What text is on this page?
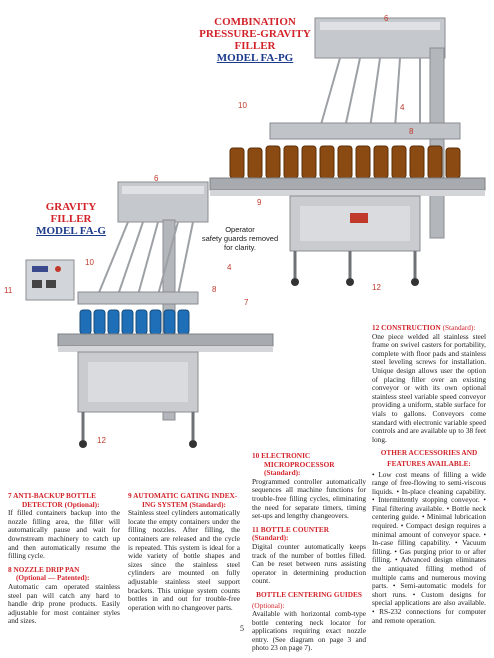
COMBINATION
PRESSURE-GRAVITY
FILLER
MODEL FA-PG
GRAVITY
FILLER
MODEL FA-G	Operator
safety guards removed
for clarity.
6
10	4
8
6
9
10
4
8
7
11	12
12
7 ANTI-BACKUP BOTTLE
DETECTOR (Optional):
If filled containers backup into the nozzle filling area, the filler will automatically pause and wait for downstream machinery to catch up and then automatically resume the filling cycle.
8 NOZZLE DRIP PAN
(Optional — Patented):
Automatic cam operated stainless steel pan will catch any hard to handle drip prone products. Easily adjustable for most container styles and sizes.
9 AUTOMATIC GATING INDEX-
ING SYSTEM (Standard):
Stainless steel cylinders automatically locate the empty containers under the filling nozzles. After filling, the containers are released and the cycle is repeated. This system is ideal for a wide variety of bottle shapes and sizes since the stainless steel cylinders are mounted on fully adjustable stainless steel support brackets. This unique system counts bottles in and out for trouble-free operation with no changeover parts.
10 ELECTRONIC
MICROPROCESSOR
(Standard):
Programmed controller automatically sequences all machine functions for trouble-free filling cycles, eliminating the need for separate timers, timing set-ups and lengthy changeovers.
11 BOTTLE COUNTER
(Standard):
Digital counter automatically keeps track of the number of bottles filled. Can be reset between runs assisting operator in determining production count.
BOTTLE CENTERING GUIDES
(Optional):
Available with horizontal comb-type bottle centering neck locator for applications requiring exact nozzle entry. (See diagram on page 3 and photo 23 on page 7).
12 CONSTRUCTION (Standard):
One piece welded all stainless steel frame on swivel casters for portability, complete with floor pads and stainless steel leveling screws for installation. Unique design allows user the option of placing filler over an existing conveyor or with its own optional stainless steel variable speed conveyor providing a uniform, stable surface for vials to gallons. Conveyors come standard with electronic variable speed controls and are available up to 38 feet long.
OTHER ACCESSORIES AND
FEATURES AVAILABLE:
• Low cost means of filling a wide range of free-flowing to semi-viscous liquids. • In-place cleaning capability. • Intermittently stopping conveyor. • Final filtering available. • Bottle neck centering guide. • Minimal lubrication required. • Compact design requires a minimal amount of conveyor space. • In-case filling capability. • Vacuum filling. • Gas purging prior to or after filling. • Advanced design eliminates the antiquated filling method of multiple cams and numerous moving parts. • Semi-automatic models for short runs. • Custom designs for special applications are also available. • RS-232 connections for computer and remote operation.
5
